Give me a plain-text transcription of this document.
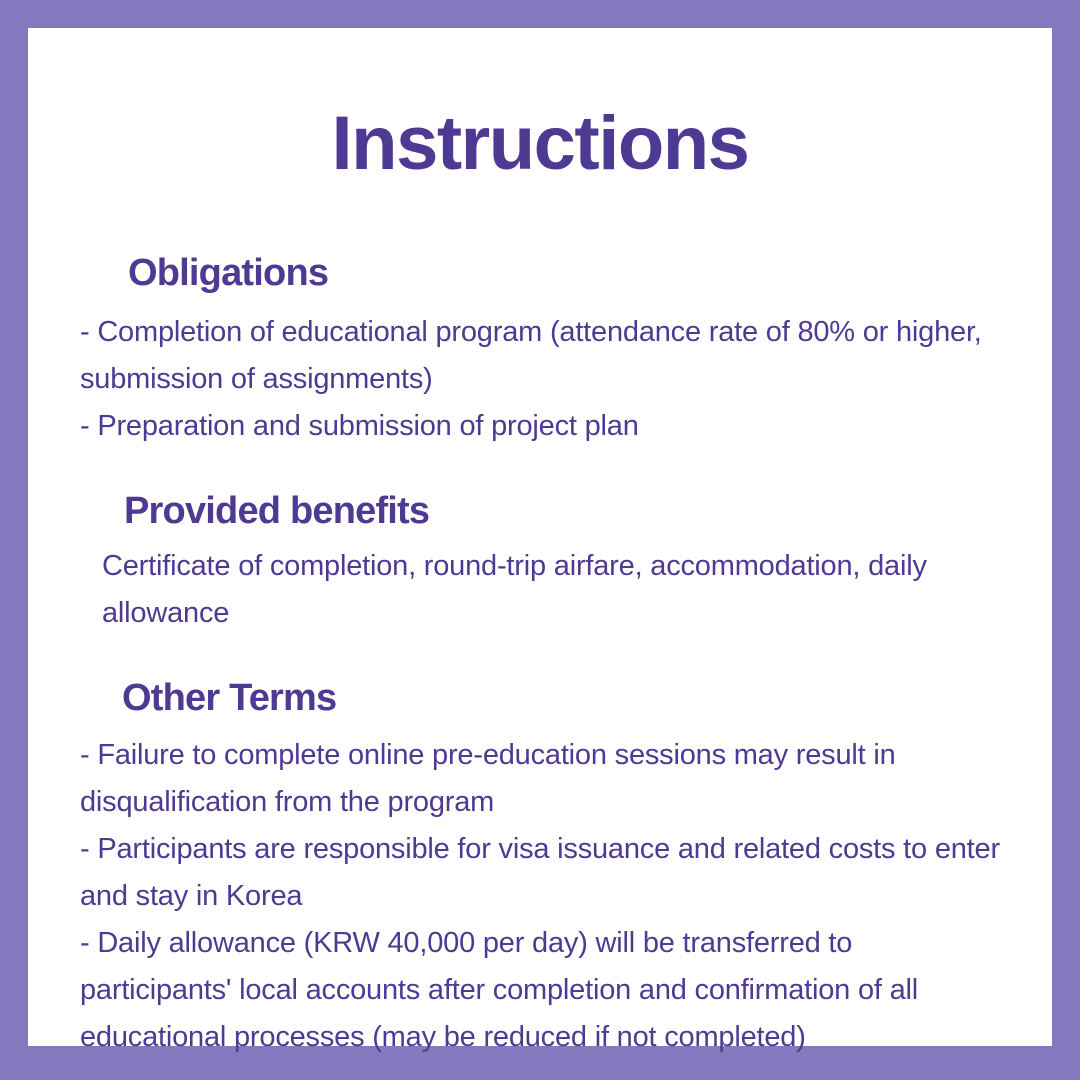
Instructions
Obligations

- Completion of educational program (attendance rate of 80% or higher,

submission of assignments)

- Preparation and submission of project plan

Provided benefits

Certificate of completion, round-trip airfare, accommodation, daily

allowance

Other Terms

- Failure to complete online pre-education sessions may result in

disqualification from the program

- Participants are responsible for visa issuance and related costs to enter

and stay in Korea

- Daily allowance (KRW 40,000 per day) will be transferred to

participants' local accounts after completion and confirmation of all

educational processes (may be reduced if not completed)
